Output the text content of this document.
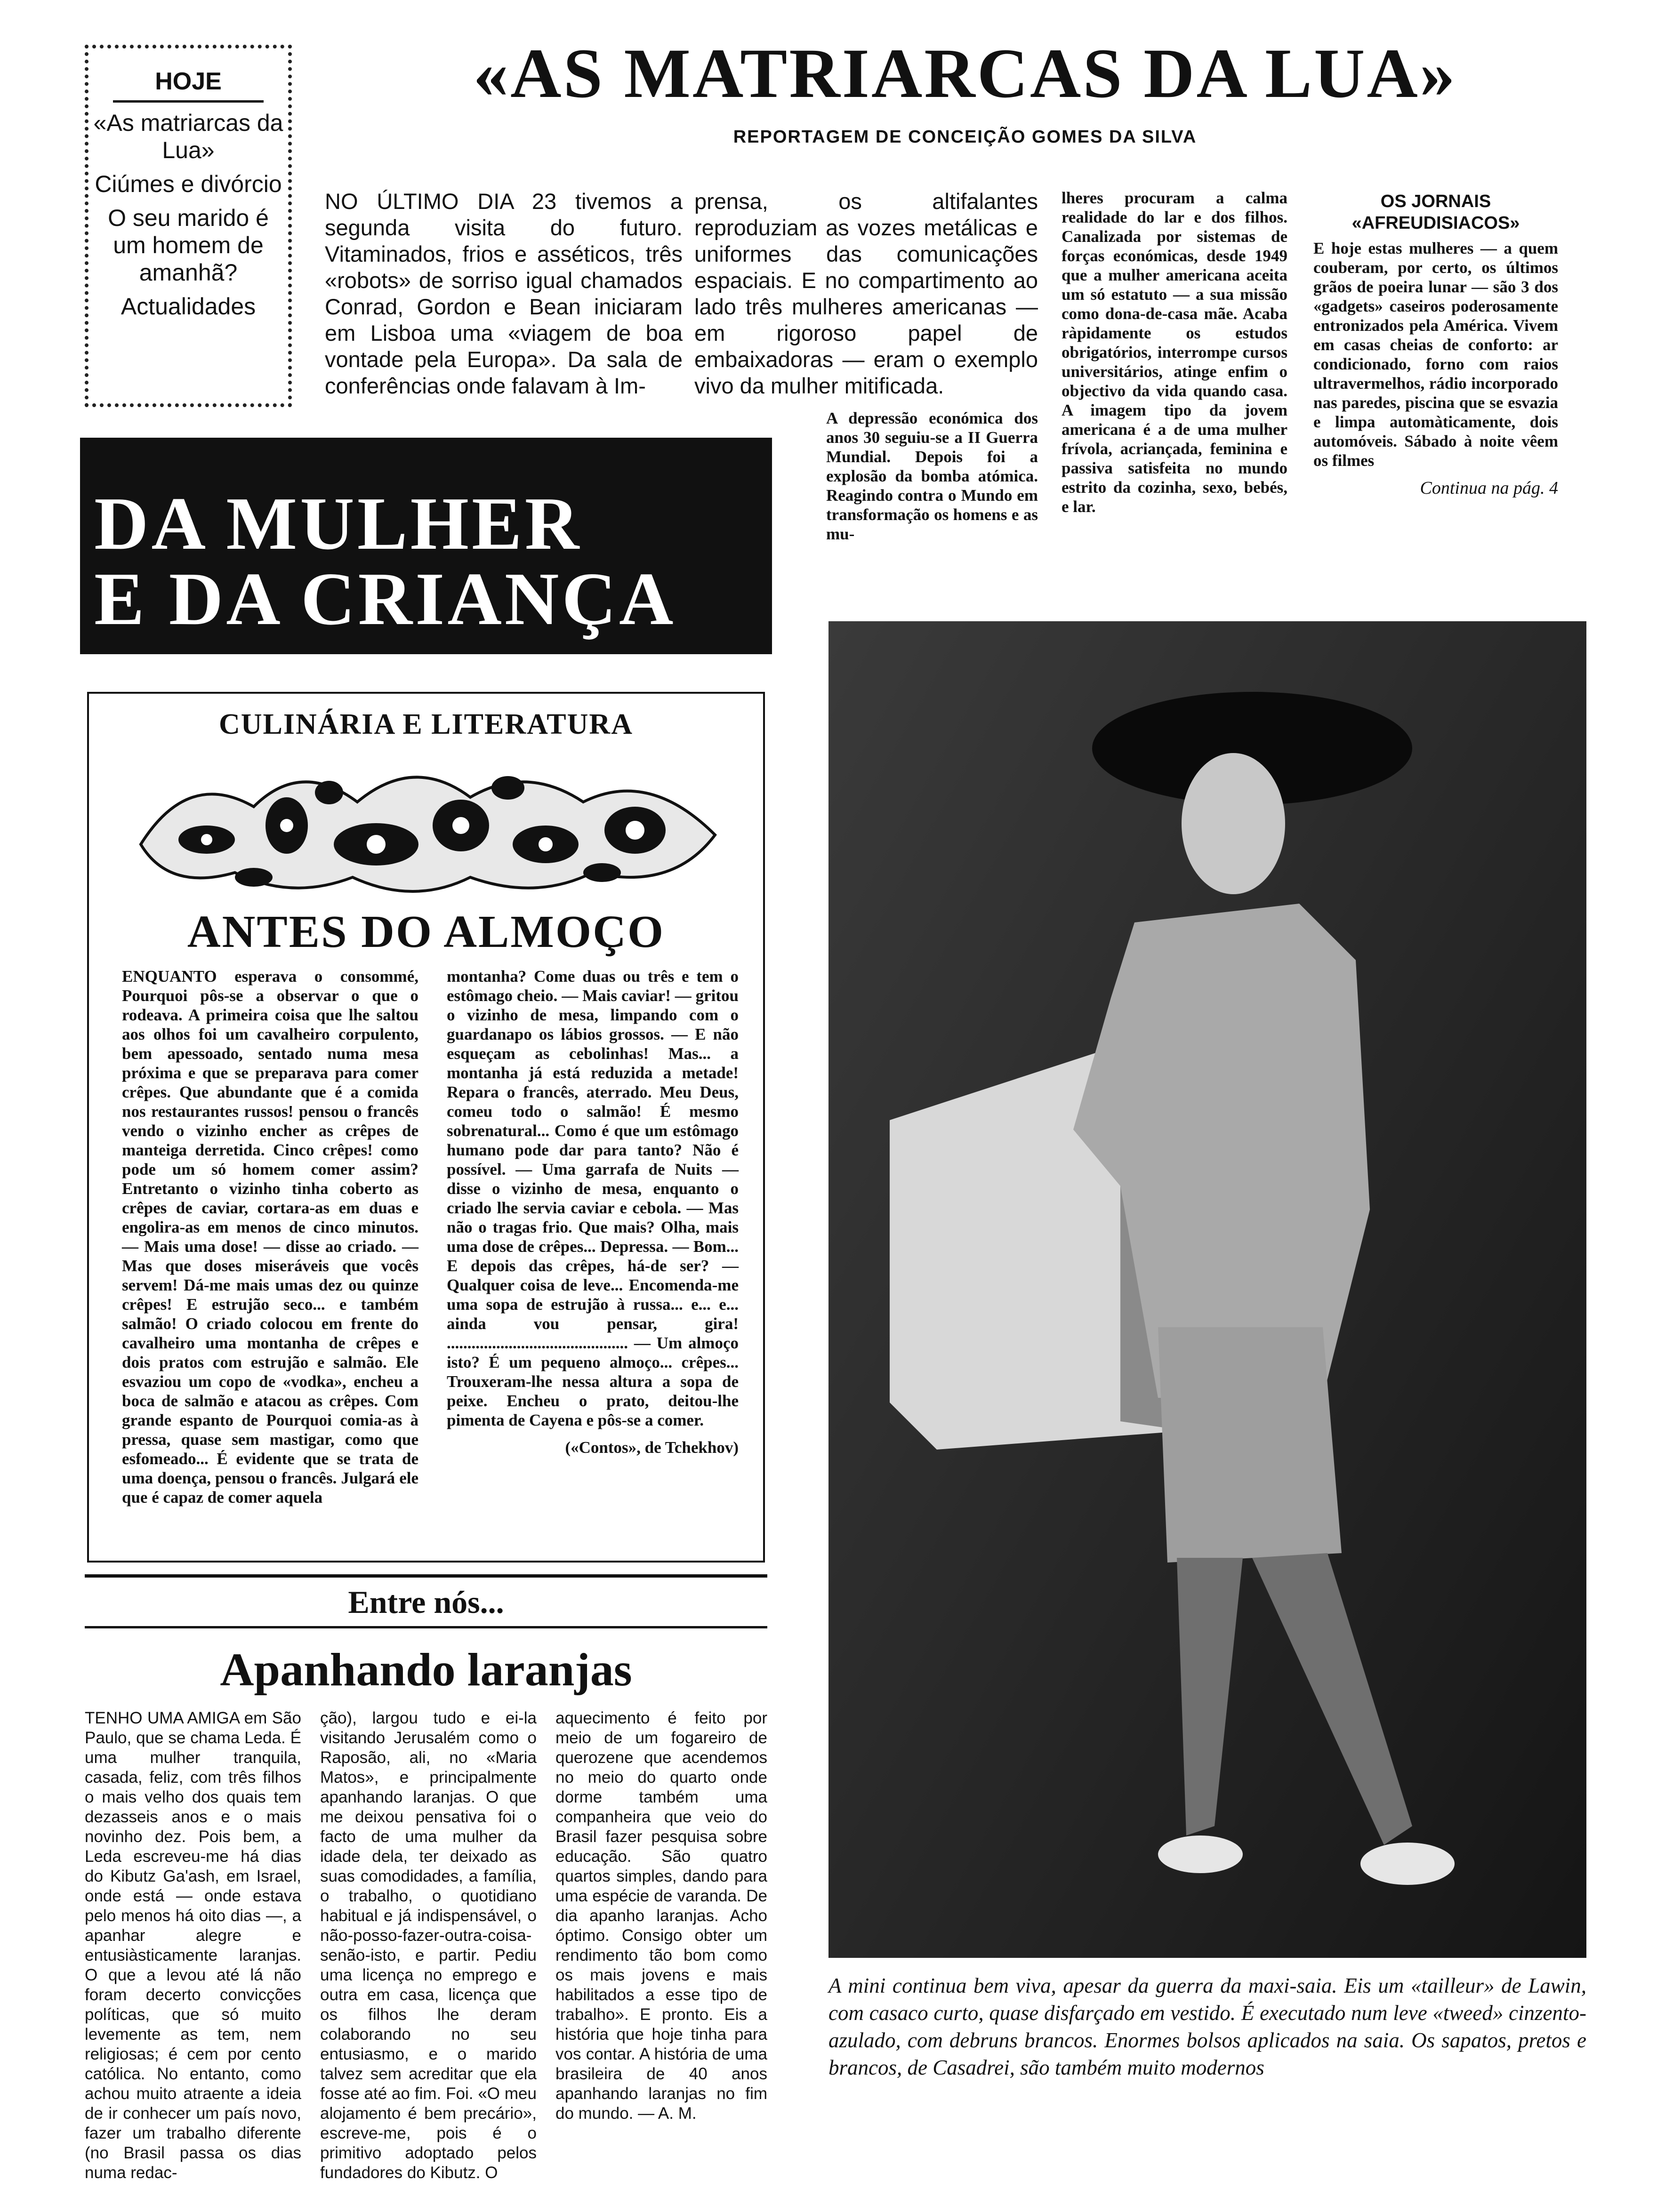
HOJE
«As matriarcas da Lua»
Ciúmes e divórcio
O seu marido é um homem de amanhã?
Actualidades
«AS MATRIARCAS DA LUA»
REPORTAGEM DE CONCEIÇÃO GOMES DA SILVA
NO ÚLTIMO DIA 23 tivemos a segunda visita do futuro. Vitaminados, frios e asséticos, três «robots» de sorriso igual chamados Conrad, Gordon e Bean iniciaram em Lisboa uma «viagem de boa vontade pela Europa». Da sala de conferências onde falavam à Im-

prensa, os altifalantes reproduziam as vozes metálicas e uniformes das comunicações espaciais. E no compartimento ao lado três mulheres americanas — em rigoroso papel de embaixadoras — eram o exemplo vivo da mulher mitificada.

A depressão económica dos anos 30 seguiu-se a II Guerra Mundial. Depois foi a explosão da bomba atómica. Reagindo contra o Mundo em transformação os homens e as mu-

lheres procuram a calma realidade do lar e dos filhos. Canalizada por sistemas de forças económicas, desde 1949 que a mulher americana aceita um só estatuto — a sua missão como dona-de-casa mãe. Acaba ràpidamente os estudos obrigatórios, interrompe cursos universitários, atinge enfim o objectivo da vida quando casa. A imagem tipo da jovem americana é a de uma mulher frívola, acriançada, feminina e passiva satisfeita no mundo estrito da cozinha, sexo, bebés, e lar.
OS JORNAIS «AFREUDISIACOS»

E hoje estas mulheres — a quem couberam, por certo, os últimos grãos de poeira lunar — são 3 dos «gadgets» caseiros poderosamente entronizados pela América. Vivem em casas cheias de conforto: ar condicionado, forno com raios ultravermelhos, rádio incorporado nas paredes, piscina que se esvazia e limpa automàticamente, dois automóveis. Sábado à noite vêem os filmes

Continua na pág. 4
DA MULHER
E DA CRIANÇA
CULINÁRIA E LITERATURA
ANTES DO ALMOÇO
ENQUANTO esperava o consommé, Pourquoi pôs-se a observar o que o rodeava. A primeira coisa que lhe saltou aos olhos foi um cavalheiro corpulento, bem apessoado, sentado numa mesa próxima e que se preparava para comer crêpes. Que abundante que é a comida nos restaurantes russos! pensou o francês vendo o vizinho encher as crêpes de manteiga derretida. Cinco crêpes! como pode um só homem comer assim? Entretanto o vizinho tinha coberto as crêpes de caviar, cortara-as em duas e engolira-as em menos de cinco minutos. — Mais uma dose! — disse ao criado. — Mas que doses miseráveis que vocês servem! Dá-me mais umas dez ou quinze crêpes! E estrujão seco... e também salmão! O criado colocou em frente do cavalheiro uma montanha de crêpes e dois pratos com estrujão e salmão. Ele esvaziou um copo de «vodka», encheu a boca de salmão e atacou as crêpes. Com grande espanto de Pourquoi comia-as à pressa, quase sem mastigar, como que esfomeado... É evidente que se trata de uma doença, pensou o francês. Julgará ele que é capaz de comer aquela

montanha? Come duas ou três e tem o estômago cheio. — Mais caviar! — gritou o vizinho de mesa, limpando com o guardanapo os lábios grossos. — E não esqueçam as cebolinhas! Mas... a montanha já está reduzida a metade! Repara o francês, aterrado. Meu Deus, comeu todo o salmão! É mesmo sobrenatural... Como é que um estômago humano pode dar para tanto? Não é possível. — Uma garrafa de Nuits — disse o vizinho de mesa, enquanto o criado lhe servia caviar e cebola. — Mas não o tragas frio. Que mais? Olha, mais uma dose de crêpes... Depressa. — Bom... E depois das crêpes, há-de ser? — Qualquer coisa de leve... Encomenda-me uma sopa de estrujão à russa... e... e... ainda vou pensar, gira! ............................................ — Um almoço isto? É um pequeno almoço... crêpes... Trouxeram-lhe nessa altura a sopa de peixe. Encheu o prato, deitou-lhe pimenta de Cayena e pôs-se a comer.

(«Contos», de Tchekhov)
Entre nós...
Apanhando laranjas
TENHO UMA AMIGA em São Paulo, que se chama Leda. É uma mulher tranquila, casada, feliz, com três filhos o mais velho dos quais tem dezasseis anos e o mais novinho dez. Pois bem, a Leda escreveu-me há dias do Kibutz Ga'ash, em Israel, onde está — onde estava pelo menos há oito dias —, a apanhar alegre e entusiàsticamente laranjas. O que a levou até lá não foram decerto convicções políticas, que só muito levemente as tem, nem religiosas; é cem por cento católica. No entanto, como achou muito atraente a ideia de ir conhecer um país novo, fazer um trabalho diferente (no Brasil passa os dias numa redac-
ção), largou tudo e ei-la visitando Jerusalém como o Raposão, ali, no «Maria Matos», e principalmente apanhando laranjas. O que me deixou pensativa foi o facto de uma mulher da idade dela, ter deixado as suas comodidades, a família, o trabalho, o quotidiano habitual e já indispensável, o não-posso-fazer-outra-coisa-senão-isto, e partir. Pediu uma licença no emprego e outra em casa, licença que os filhos lhe deram colaborando no seu entusiasmo, e o marido talvez sem acreditar que ela fosse até ao fim. Foi. «O meu alojamento é bem precário», escreve-me, pois é o primitivo adoptado pelos fundadores do Kibutz. O
aquecimento é feito por meio de um fogareiro de querozene que acendemos no meio do quarto onde dorme também uma companheira que veio do Brasil fazer pesquisa sobre educação. São quatro quartos simples, dando para uma espécie de varanda. De dia apanho laranjas. Acho óptimo. Consigo obter um rendimento tão bom como os mais jovens e mais habilitados a esse tipo de trabalho». E pronto. Eis a história que hoje tinha para vos contar. A história de uma brasileira de 40 anos apanhando laranjas no fim do mundo. — A. M.
A mini continua bem viva, apesar da guerra da maxi-saia. Eis um «tailleur» de Lawin, com casaco curto, quase disfarçado em vestido. É executado num leve «tweed» cinzento-azulado, com debruns brancos. Enormes bolsos aplicados na saia. Os sapatos, pretos e brancos, de Casadrei, são também muito modernos
